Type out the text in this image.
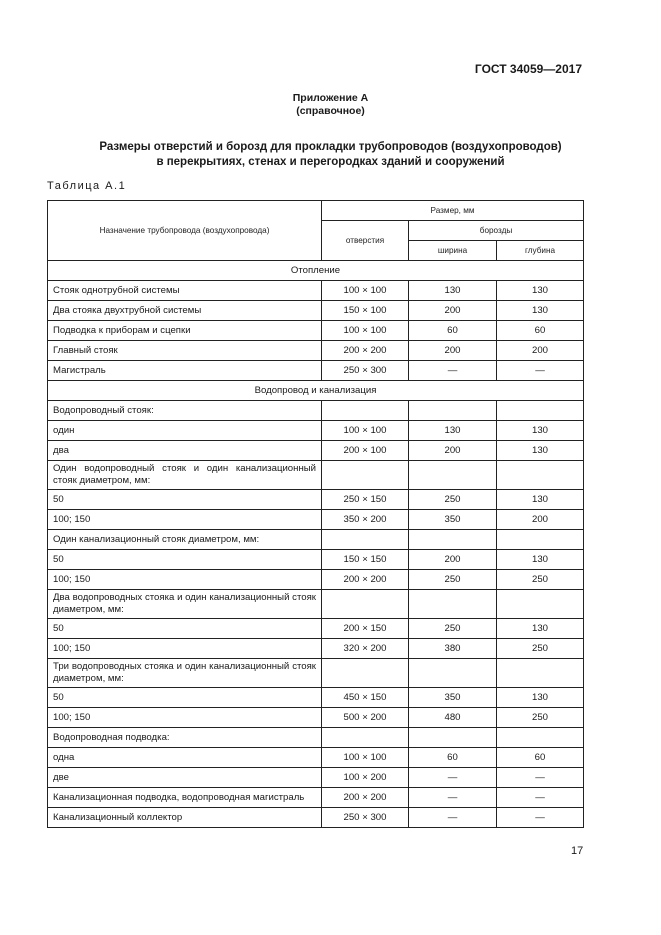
ГОСТ 34059—2017
Приложение А
(справочное)
Размеры отверстий и борозд для прокладки трубопроводов (воздухопроводов)
в перекрытиях, стенах и перегородках зданий и сооружений
Таблица А.1
Назначение трубопровода (воздухопровода)	Размер, мм		
	отверстия	борозды	
		ширина	глубина
Отопление			
Стояк однотрубной системы	100 × 100	130	130
Два стояка двухтрубной системы	150 × 100	200	130
Подводка к приборам и сцепки	100 × 100	60	60
Главный стояк	200 × 200	200	200
Магистраль	250 × 300	—	—
Водопровод и канализация			
Водопроводный стояк:			
один	100 × 100	130	130
два	200 × 100	200	130
Один водопроводный стояк и один канализационный стояк диаметром, мм:			
50	250 × 150	250	130
100; 150	350 × 200	350	200
Один канализационный стояк диаметром, мм:			
50	150 × 150	200	130
100; 150	200 × 200	250	250
Два водопроводных стояка и один канализационный стояк диаметром, мм:			
50	200 × 150	250	130
100; 150	320 × 200	380	250
Три водопроводных стояка и один канализационный стояк диаметром, мм:			
50	450 × 150	350	130
100; 150	500 × 200	480	250
Водопроводная подводка:			
одна	100 × 100	60	60
две	100 × 200	—	—
Канализационная подводка, водопроводная магистраль	200 × 200	—	—
Канализационный коллектор	250 × 300	—	—
17
